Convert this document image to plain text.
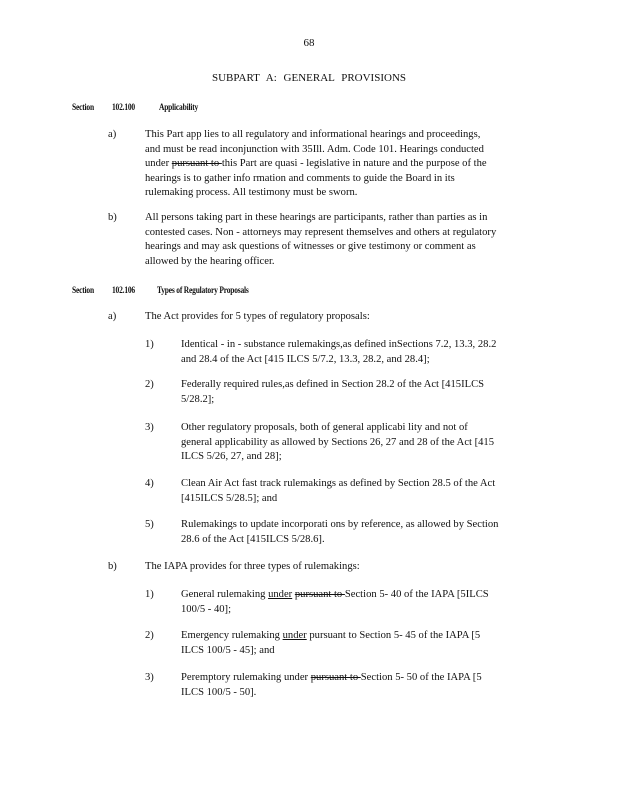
68
SUBPART A: GENERAL PROVISIONS
Section 102.100	Applicability
a)	This Part app lies to all regulatory and informational hearings and proceedings,
and must be read inconjunction with 35Ill. Adm. Code 101. Hearings conducted
under pursuant to this Part are quasi - legislative in nature and the purpose of the
hearings is to gather info rmation and comments to guide the Board in its
rulemaking process. All testimony must be sworn.
b)	All persons taking part in these hearings are participants, rather than parties as in
contested cases. Non - attorneys may represent themselves and others at regulatory
hearings and may ask questions of witnesses or give testimony or comment as
allowed by the hearing officer.
Section 102.106	Types of Regulatory Proposals
a)	The Act provides for 5 types of regulatory proposals:
1)	Identical - in - substance rulemakings,as defined inSections 7.2, 13.3, 28.2
and 28.4 of the Act [415 ILCS 5/7.2, 13.3, 28.2, and 28.4];
2)	Federally required rules,as defined in Section 28.2 of the Act [415ILCS
5/28.2];
3)	Other regulatory proposals, both of general applicabi lity and not of
general applicability as allowed by Sections 26, 27 and 28 of the Act [415
ILCS 5/26, 27, and 28];
4)	Clean Air Act fast track rulemakings as defined by Section 28.5 of the Act
[415ILCS 5/28.5]; and
5)	Rulemakings to update incorporati ons by reference, as allowed by Section
28.6 of the Act [415ILCS 5/28.6].
b)	The IAPA provides for three types of rulemakings:
1)	General rulemaking under pursuant to Section 5- 40 of the IAPA [5ILCS
100/5 - 40];
2)	Emergency rulemaking under pursuant to Section 5- 45 of the IAPA [5
ILCS 100/5 - 45]; and
3)	Peremptory rulemaking under pursuant to Section 5- 50 of the IAPA [5
ILCS 100/5 - 50].
